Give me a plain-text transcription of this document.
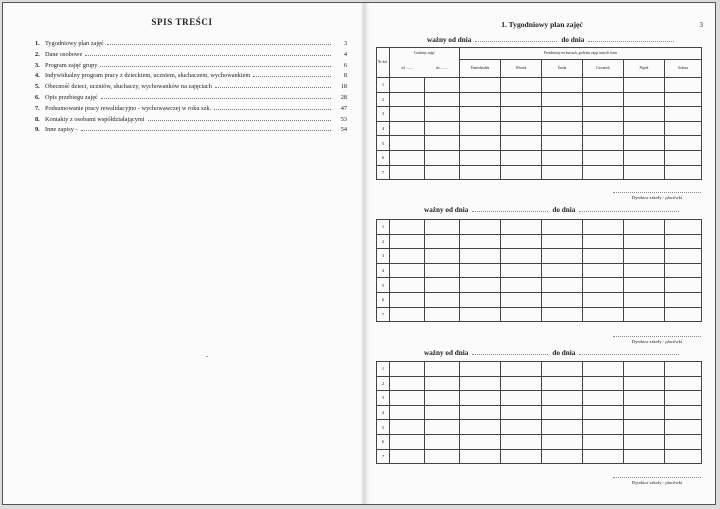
SPIS TREŚCI
1. Tygodniowy plan zajęć	3
2. Dane osobowe	4
3. Program zajęć grupy	6
4. Indywidualny program pracy z dzieckiem, uczniem, słuchaczem, wychowankiem	8
5. Obecność dzieci, uczniów, słuchaczy, wychowanków na zajęciach	18
6. Opis przebiegu zajęć	28
7. Podsumowanie pracy rewalidacyjno - wychowawczej w roku szk.	47
8. Kontakty z osobami współdziałającymi	53
9. Inne zapisy -	54
1. Tygodniowy plan zajęć	3
ważny od dnia	do dnia
Nr kol.	Godziny zajęć		Przedmioty na kursach, godziny zajęć innych form					
	od ........	do ........	Poniedziałek	Wtorek	Środa	Czwartek	Piątek	Sobota
1								
2								
3								
4								
5								
6								
7								
Dyrektor szkoły - placówki
ważny od dnia	do dnia
1								
2								
3								
4								
5								
6								
7								
Dyrektor szkoły - placówki
ważny od dnia	do dnia
1								
2								
3								
4								
5								
6								
7								
Dyrektor szkoły - placówki
